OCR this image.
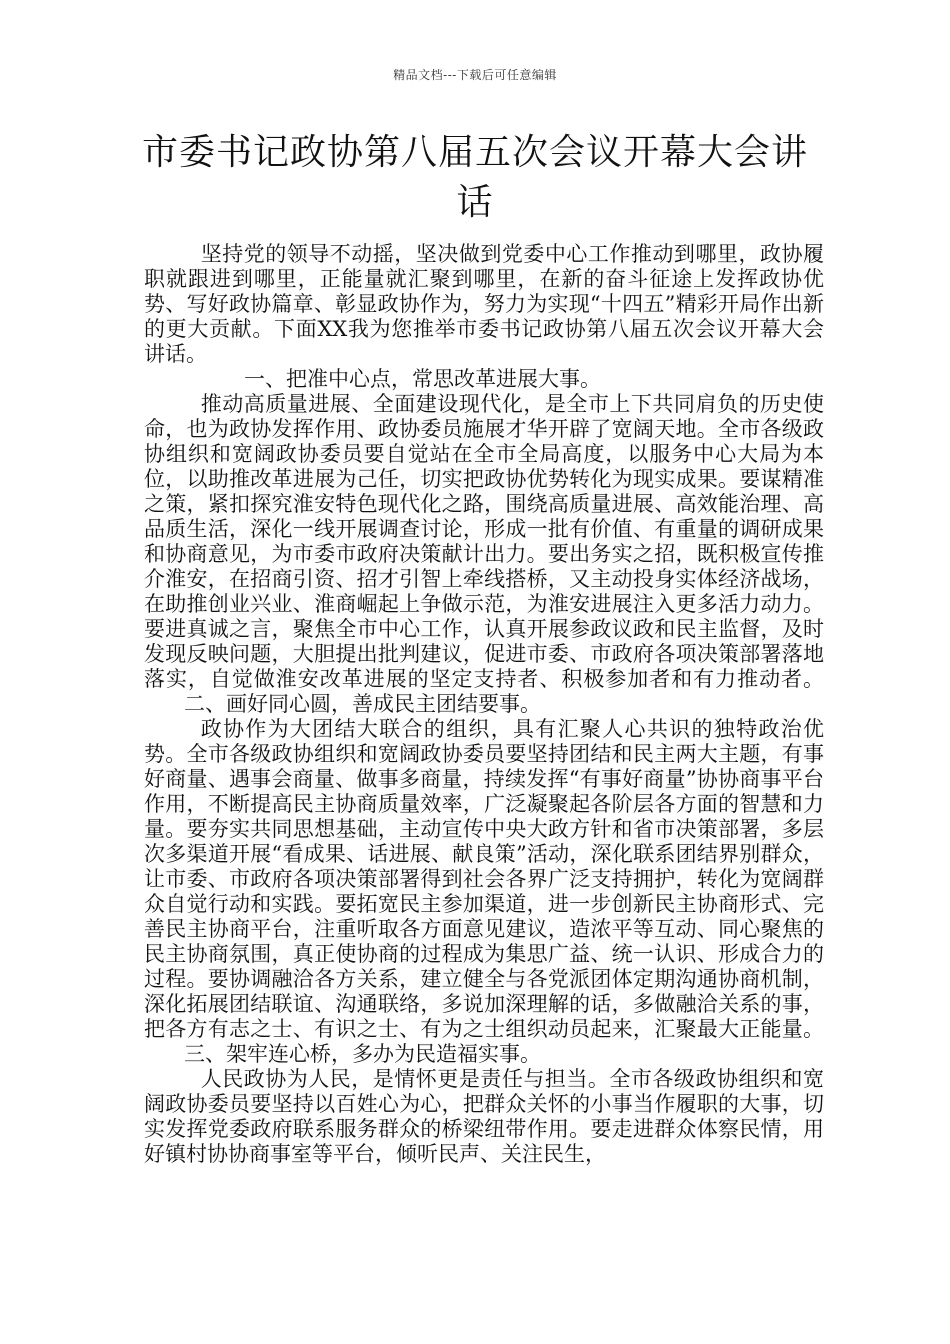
精品文档---下载后可任意编辑
市委书记政协第八届五次会议开幕大会讲话

坚持党的领导不动摇，坚决做到党委中心工作推动到哪里，政协履职就跟进到哪里，正能量就汇聚到哪里，在新的奋斗征途上发挥政协优势、写好政协篇章、彰显政协作为，努力为实现“十四五”精彩开局作出新的更大贡献。下面XX我为您推举市委书记政协第八届五次会议开幕大会讲话。

一、把准中心点，常思改革进展大事。

推动高质量进展、全面建设现代化，是全市上下共同肩负的历史使命，也为政协发挥作用、政协委员施展才华开辟了宽阔天地。全市各级政协组织和宽阔政协委员要自觉站在全市全局高度，以服务中心大局为本位，以助推改革进展为己任，切实把政协优势转化为现实成果。要谋精准之策，紧扣探究淮安特色现代化之路，围绕高质量进展、高效能治理、高品质生活，深化一线开展调查讨论，形成一批有价值、有重量的调研成果和协商意见，为市委市政府决策献计出力。要出务实之招，既积极宣传推介淮安，在招商引资、招才引智上牵线搭桥，又主动投身实体经济战场，在助推创业兴业、淮商崛起上争做示范，为淮安进展注入更多活力动力。要进真诚之言，聚焦全市中心工作，认真开展参政议政和民主监督，及时发现反映问题，大胆提出批判建议，促进市委、市政府各项决策部署落地落实，自觉做淮安改革进展的坚定支持者、积极参加者和有力推动者。二、画好同心圆，善成民主团结要事。

政协作为大团结大联合的组织，具有汇聚人心共识的独特政治优势。全市各级政协组织和宽阔政协委员要坚持团结和民主两大主题，有事好商量、遇事会商量、做事多商量，持续发挥“有事好商量”协协商事平台作用，不断提高民主协商质量效率，广泛凝聚起各阶层各方面的智慧和力量。要夯实共同思想基础，主动宣传中央大政方针和省市决策部署，多层次多渠道开展“看成果、话进展、献良策”活动，深化联系团结界别群众，让市委、市政府各项决策部署得到社会各界广泛支持拥护，转化为宽阔群众自觉行动和实践。要拓宽民主参加渠道，进一步创新民主协商形式、完善民主协商平台，注重听取各方面意见建议，造浓平等互动、同心聚焦的民主协商氛围，真正使协商的过程成为集思广益、统一认识、形成合力的过程。要协调融洽各方关系，建立健全与各党派团体定期沟通协商机制，深化拓展团结联谊、沟通联络，多说加深理解的话，多做融洽关系的事，把各方有志之士、有识之士、有为之士组织动员起来，汇聚最大正能量。三、架牢连心桥，多办为民造福实事。

人民政协为人民，是情怀更是责任与担当。全市各级政协组织和宽阔政协委员要坚持以百姓心为心，把群众关怀的小事当作履职的大事，切实发挥党委政府联系服务群众的桥梁纽带作用。要走进群众体察民情，用好镇村协协商事室等平台，倾听民声、关注民生，
